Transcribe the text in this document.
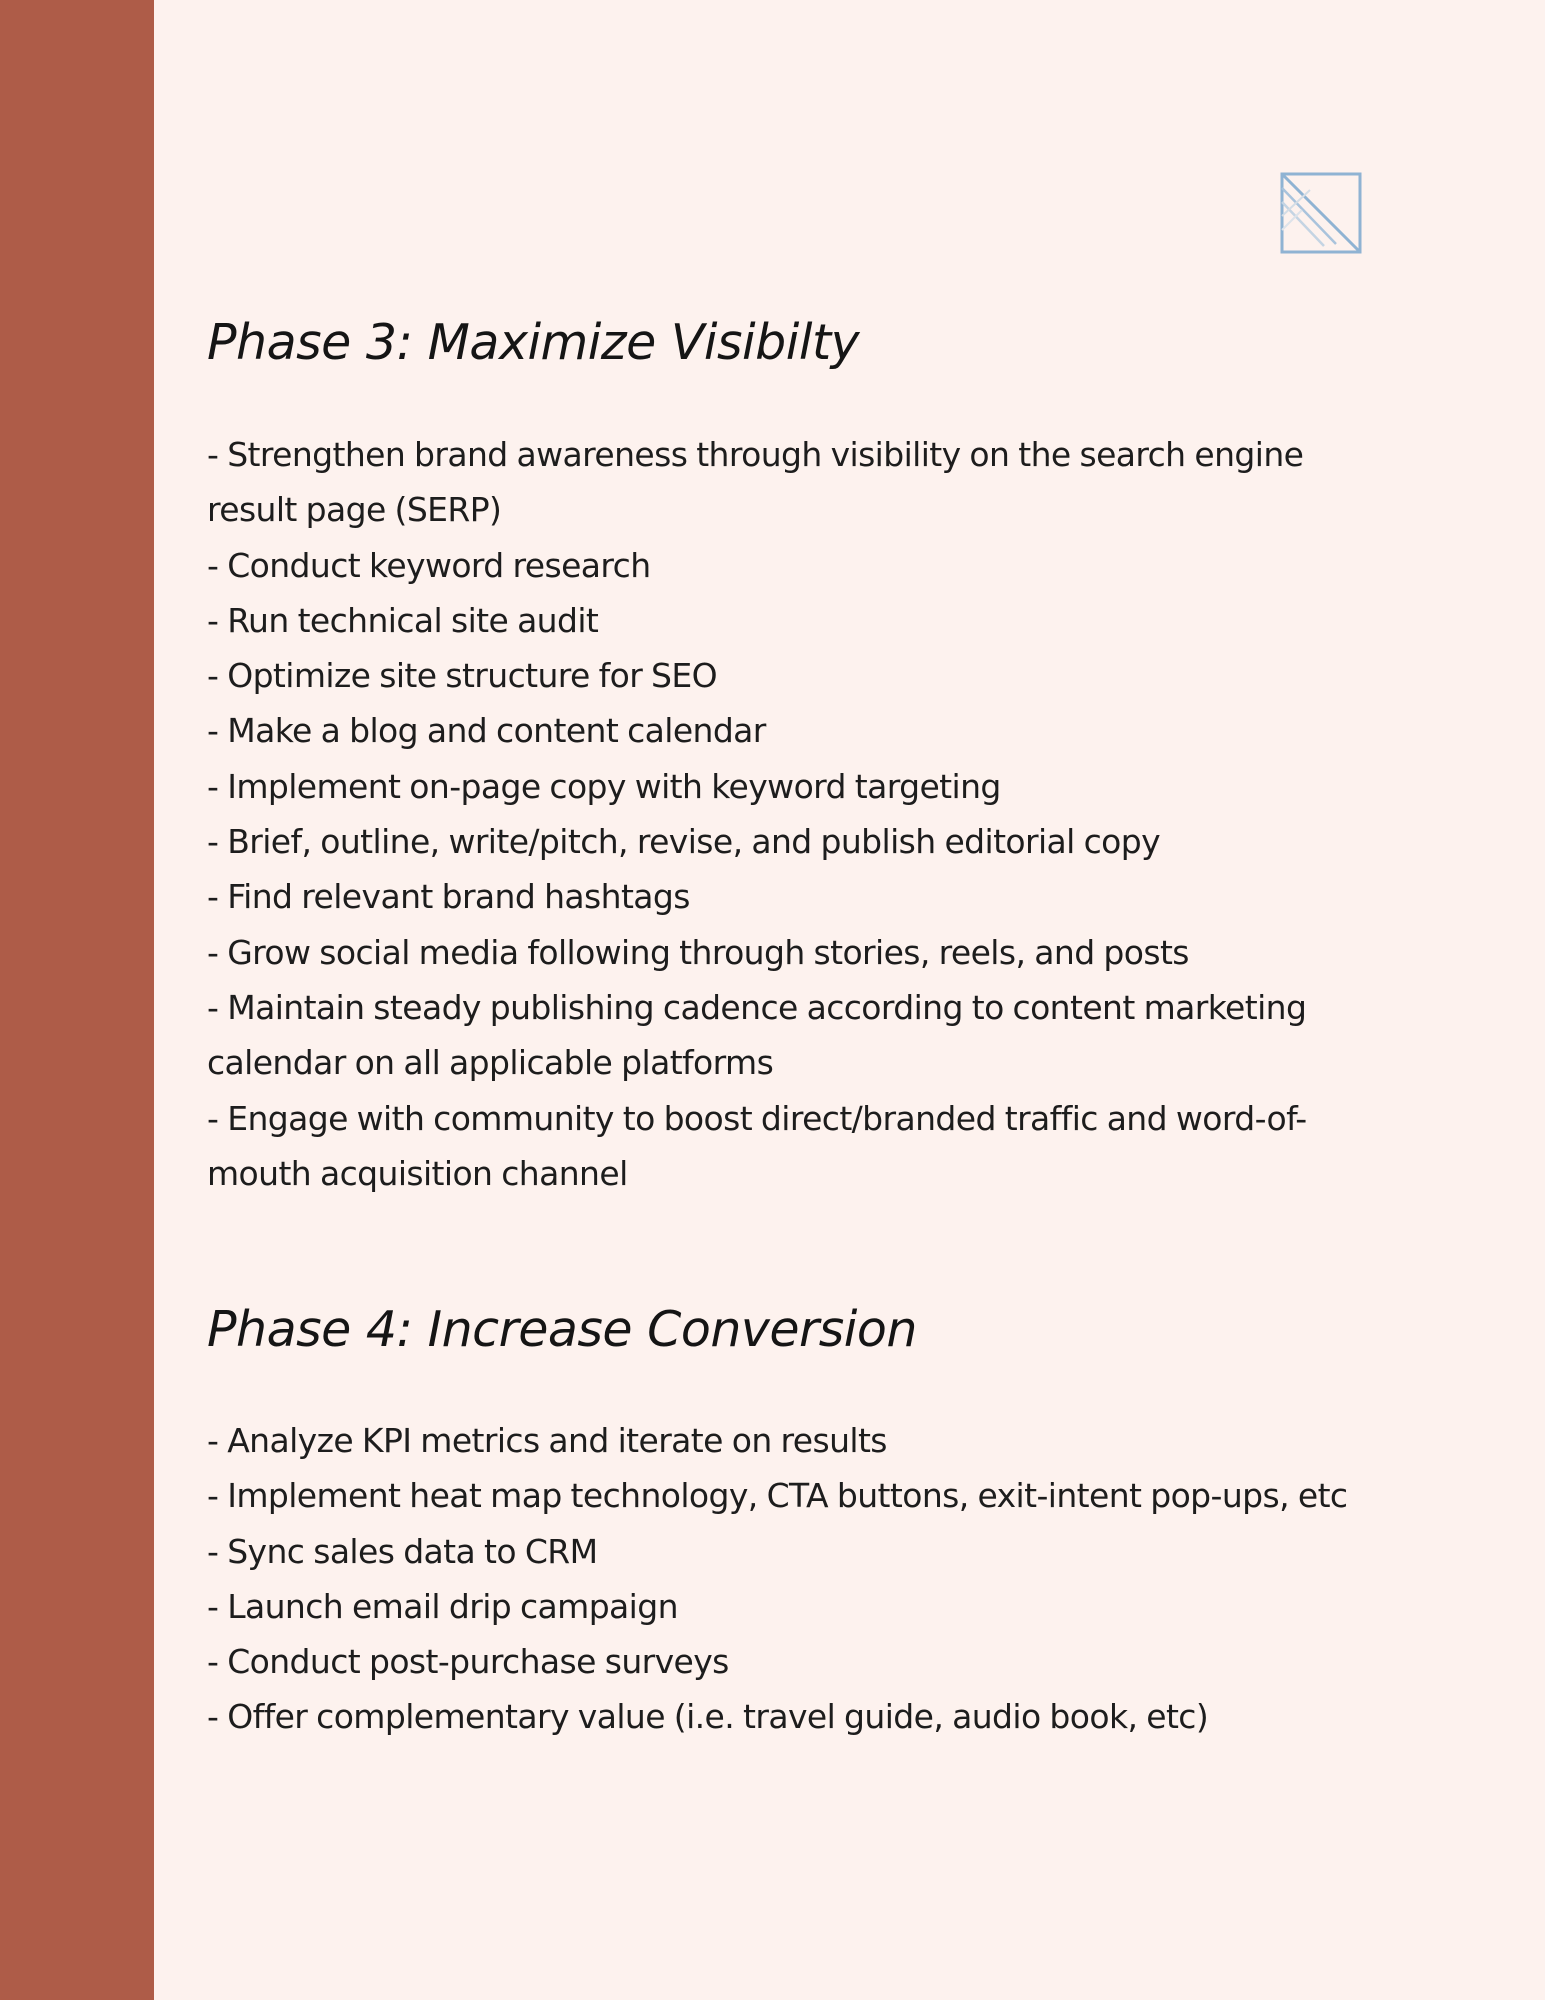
Phase 3: Maximize Visibilty
- Strengthen brand awareness through visibility on the search engine result page (SERP)
- Conduct keyword research
- Run technical site audit
- Optimize site structure for SEO
- Make a blog and content calendar
- Implement on-page copy with keyword targeting
- Brief, outline, write/pitch, revise, and publish editorial copy
- Find relevant brand hashtags
- Grow social media following through stories, reels, and posts
- Maintain steady publishing cadence according to content marketing calendar on all applicable platforms
- Engage with community to boost direct/branded traffic and word-of-mouth acquisition channel
Phase 4: Increase Conversion
- Analyze KPI metrics and iterate on results
- Implement heat map technology, CTA buttons, exit-intent pop-ups, etc
- Sync sales data to CRM
- Launch email drip campaign
- Conduct post-purchase surveys
- Offer complementary value (i.e. travel guide, audio book, etc)
